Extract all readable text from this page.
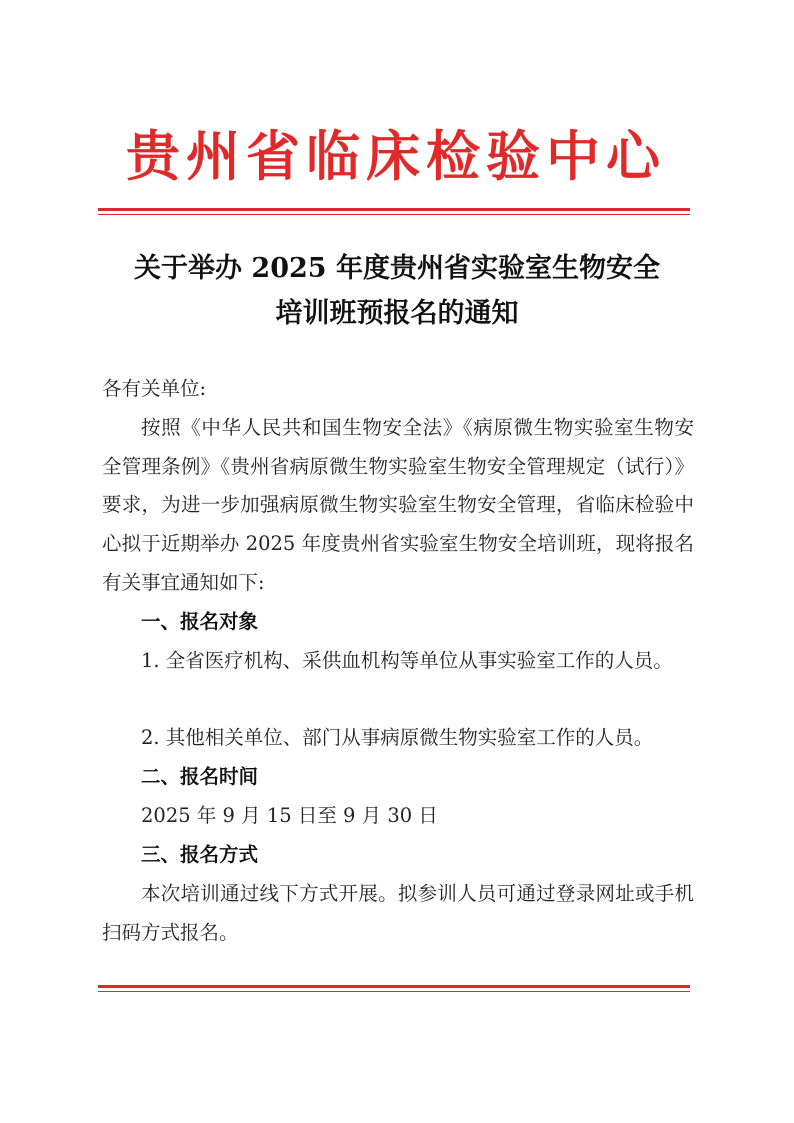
贵州省临床检验中心
关于举办 2025 年度贵州省实验室生物安全
培训班预报名的通知
各有关单位:
按照《中华人民共和国生物安全法》《病原微生物实验室生物安全管理条例》《贵州省病原微生物实验室生物安全管理规定（试行）》要求，为进一步加强病原微生物实验室生物安全管理，省临床检验中心拟于近期举办 2025 年度贵州省实验室生物安全培训班，现将报名有关事宜通知如下:
一、报名对象
1. 全省医疗机构、采供血机构等单位从事实验室工作的人员。
2. 其他相关单位、部门从事病原微生物实验室工作的人员。
二、报名时间
2025 年 9 月 15 日至 9 月 30 日
三、报名方式
本次培训通过线下方式开展。拟参训人员可通过登录网址或手机扫码方式报名。
